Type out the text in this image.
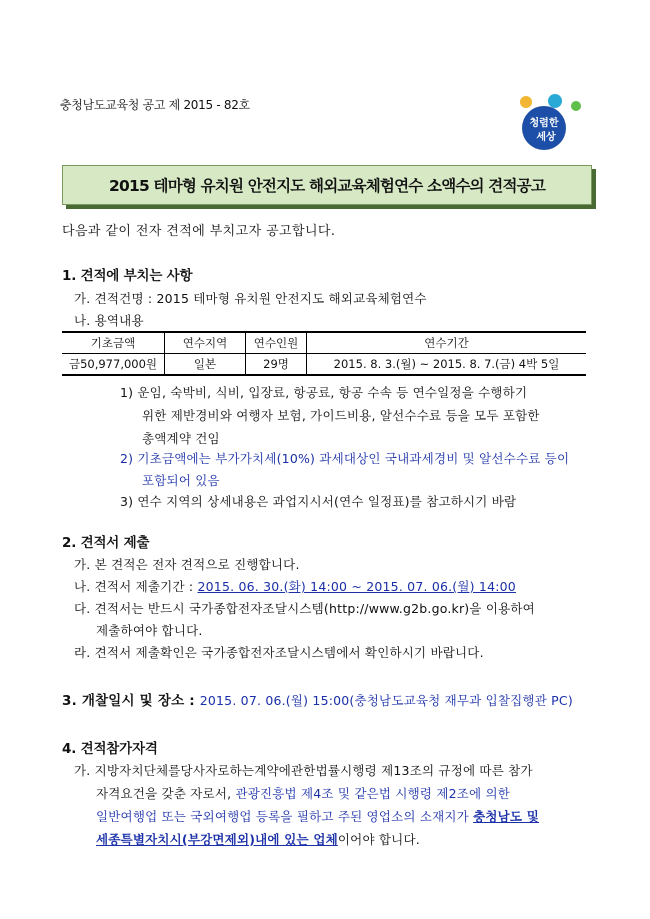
충청남도교육청 공고 제 2015 - 82호
청렴한
세상
2015 테마형 유치원 안전지도 해외교육체험연수 소액수의 견적공고
다음과 같이 전자 견적에 부치고자 공고합니다.
1. 견적에 부치는 사항
가. 견적건명 : 2015 테마형 유치원 안전지도 해외교육체험연수
나. 용역내용
기초금액	연수지역	연수인원	연수기간
금50,977,000원	일본	29명	2015. 8. 3.(월) ~ 2015. 8. 7.(금) 4박 5일
1) 운임, 숙박비, 식비, 입장료, 항공료, 항공 수속 등 연수일정을 수행하기
위한 제반경비와 여행자 보험, 가이드비용, 알선수수료 등을 모두 포함한
총액계약 건임
2) 기초금액에는 부가가치세(10%) 과세대상인 국내과세경비 및 알선수수료 등이
포함되어 있음
3) 연수 지역의 상세내용은 과업지시서(연수 일정표)를 참고하시기 바람
2. 견적서 제출
가. 본 견적은 전자 견적으로 진행합니다.
나. 견적서 제출기간 : 2015. 06. 30.(화) 14:00 ~ 2015. 07. 06.(월) 14:00
다. 견적서는 반드시 국가종합전자조달시스템(http://www.g2b.go.kr)을 이용하여
제출하여야 합니다.
라. 견적서 제출확인은 국가종합전자조달시스템에서 확인하시기 바랍니다.
3. 개찰일시 및 장소 : 2015. 07. 06.(월) 15:00(충청남도교육청 재무과 입찰집행관 PC)
4. 견적참가자격
가. 지방자치단체를당사자로하는계약에관한법률시행령 제13조의 규정에 따른 참가
자격요건을 갖춘 자로서, 관광진흥법 제4조 및 같은법 시행령 제2조에 의한
일반여행업 또는 국외여행업 등록을 필하고 주된 영업소의 소재지가 충청남도 및
세종특별자치시(부강면제외)내에 있는 업체이어야 합니다.
